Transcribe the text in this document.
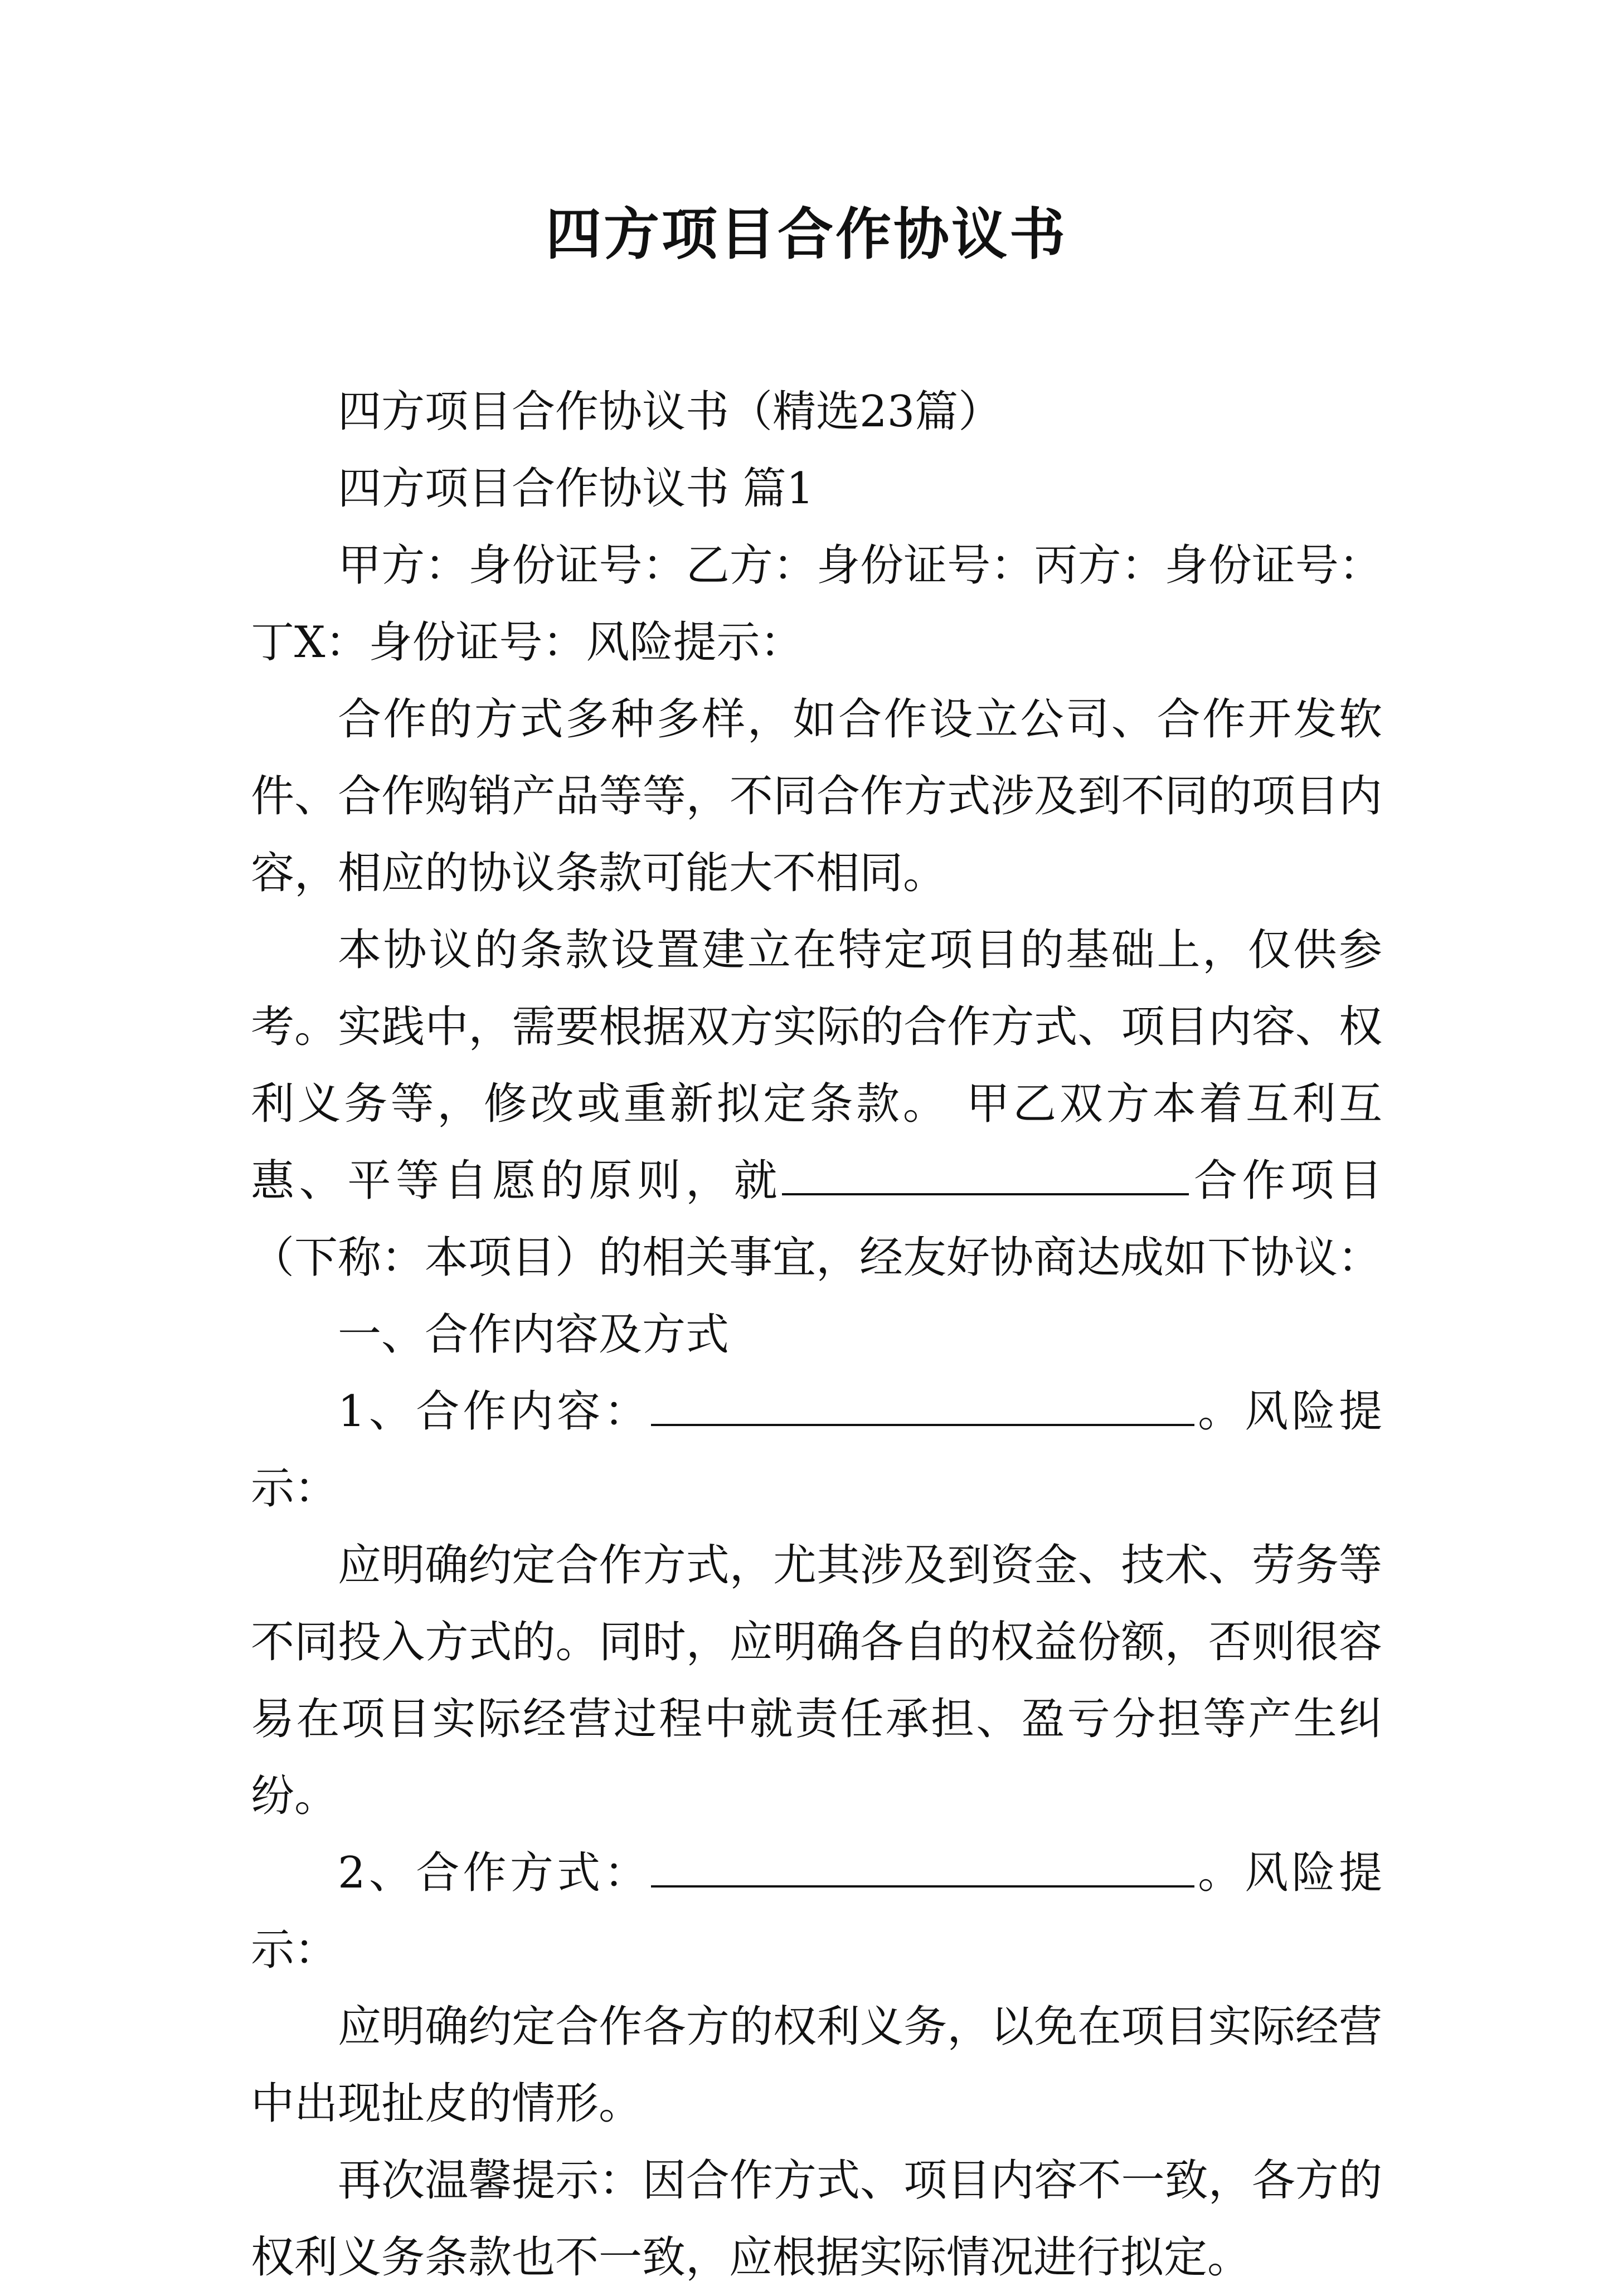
四方项目合作协议书

四方项目合作协议书（精选23篇）

四方项目合作协议书 篇1

甲方：身份证号：乙方：身份证号：丙方：身份证号：丁X：身份证号：风险提示：

合作的方式多种多样，如合作设立公司、合作开发软件、合作购销产品等等，不同合作方式涉及到不同的项目内容，相应的协议条款可能大不相同。

本协议的条款设置建立在特定项目的基础上，仅供参考。实践中，需要根据双方实际的合作方式、项目内容、权利义务等，修改或重新拟定条款。 甲乙双方本着互利互惠、平等自愿的原则，就	合作项目（下称：本项目）的相关事宜，经友好协商达成如下协议：

一、合作内容及方式

1、合作内容：	。风险提示：

应明确约定合作方式，尤其涉及到资金、技术、劳务等不同投入方式的。同时，应明确各自的权益份额，否则很容易在项目实际经营过程中就责任承担、盈亏分担等产生纠纷。

2、合作方式：	。风险提示：

应明确约定合作各方的权利义务，以免在项目实际经营中出现扯皮的情形。

再次温馨提示：因合作方式、项目内容不一致，各方的权利义务条款也不一致，应根据实际情况进行拟定。
